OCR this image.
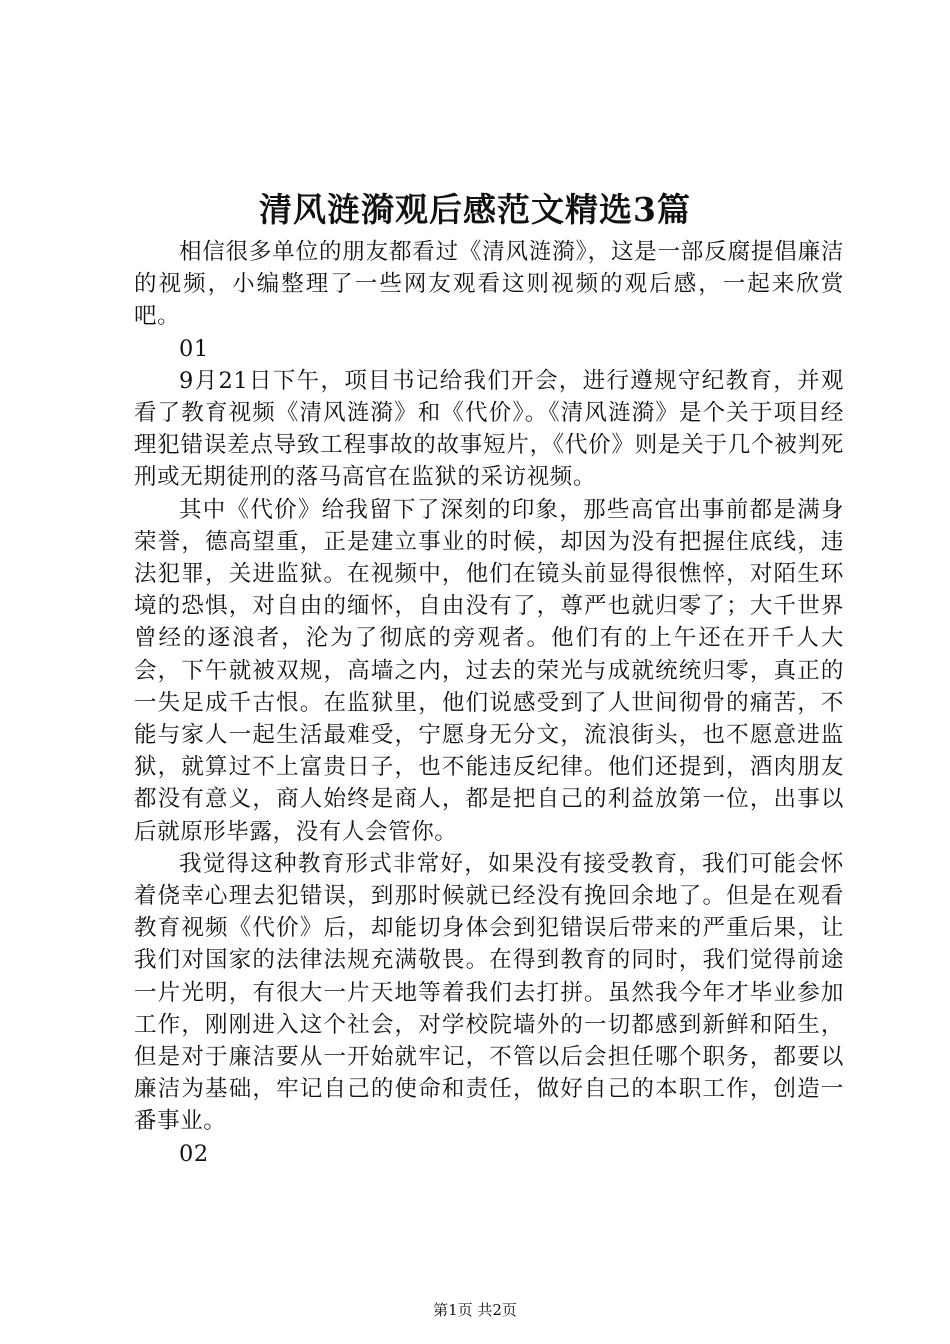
清风涟漪观后感范文精选3篇

相信很多单位的朋友都看过《清风涟漪》，这是一部反腐提倡廉洁的视频，小编整理了一些网友观看这则视频的观后感，一起来欣赏吧。

01

9月21日下午，项目书记给我们开会，进行遵规守纪教育，并观看了教育视频《清风涟漪》和《代价》。《清风涟漪》是个关于项目经理犯错误差点导致工程事故的故事短片，《代价》则是关于几个被判死刑或无期徒刑的落马高官在监狱的采访视频。

其中《代价》给我留下了深刻的印象，那些高官出事前都是满身荣誉，德高望重，正是建立事业的时候，却因为没有把握住底线，违法犯罪，关进监狱。在视频中，他们在镜头前显得很憔悴，对陌生环境的恐惧，对自由的缅怀，自由没有了，尊严也就归零了；大千世界曾经的逐浪者，沦为了彻底的旁观者。他们有的上午还在开千人大会，下午就被双规，高墙之内，过去的荣光与成就统统归零，真正的一失足成千古恨。在监狱里，他们说感受到了人世间彻骨的痛苦，不能与家人一起生活最难受，宁愿身无分文，流浪街头，也不愿意进监狱，就算过不上富贵日子，也不能违反纪律。他们还提到，酒肉朋友都没有意义，商人始终是商人，都是把自己的利益放第一位，出事以后就原形毕露，没有人会管你。

我觉得这种教育形式非常好，如果没有接受教育，我们可能会怀着侥幸心理去犯错误，到那时候就已经没有挽回余地了。但是在观看教育视频《代价》后，却能切身体会到犯错误后带来的严重后果，让我们对国家的法律法规充满敬畏。在得到教育的同时，我们觉得前途一片光明，有很大一片天地等着我们去打拼。虽然我今年才毕业参加工作，刚刚进入这个社会，对学校院墙外的一切都感到新鲜和陌生，但是对于廉洁要从一开始就牢记，不管以后会担任哪个职务，都要以廉洁为基础，牢记自己的使命和责任，做好自己的本职工作，创造一番事业。

02

第1页 共2页
